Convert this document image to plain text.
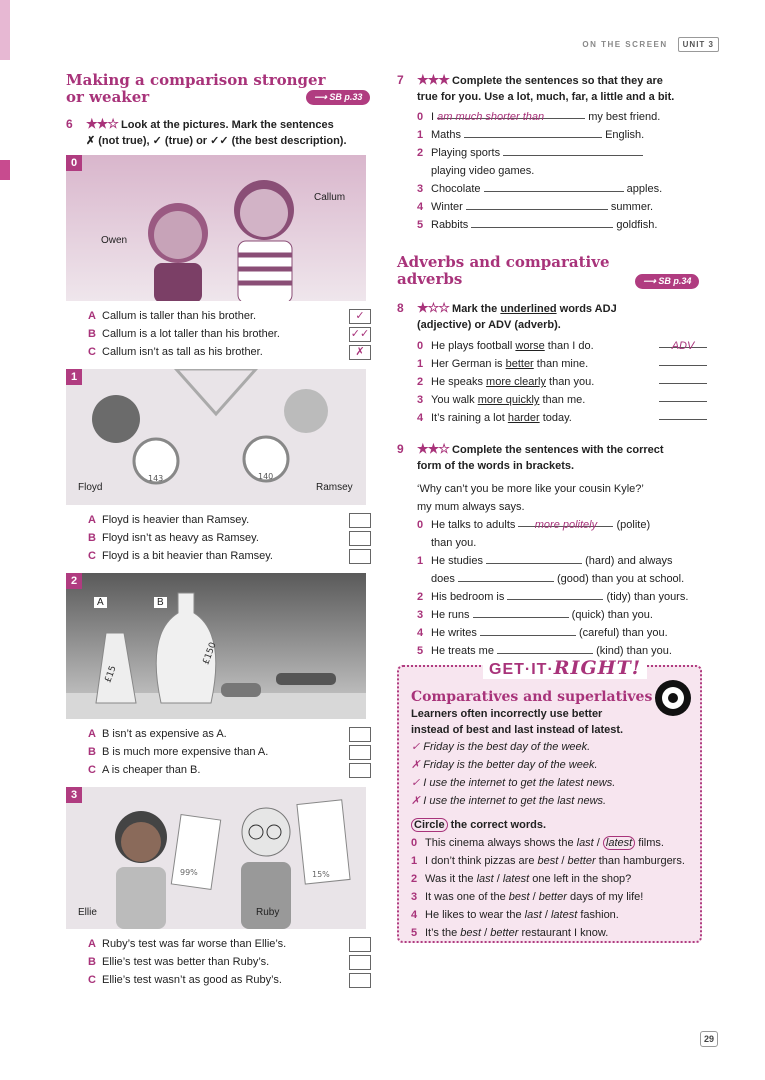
ON THE SCREEN	UNIT 3
Making a comparison stronger
or weaker	⟶ SB p.33
6	★★☆ Look at the pictures. Mark the sentences
✗ (not true), ✓ (true) or ✓✓ (the best description).
0
Callum
Owen
A Callum is taller than his brother.	✓
B Callum is a lot taller than his brother.	✓✓
C Callum isn’t as tall as his brother.	✗
1
143	140
Floyd	Ramsey
A Floyd is heavier than Ramsey.
B Floyd isn’t as heavy as Ramsey.
C Floyd is a bit heavier than Ramsey.
2
£15
£150
A	B
A B isn’t as expensive as A.
B B is much more expensive than A.
C A is cheaper than B.
3
99%	15%
Ellie	Ruby
A Ruby’s test was far worse than Ellie’s.
B Ellie’s test was better than Ruby’s.
C Ellie’s test wasn’t as good as Ruby’s.
7	★★★ Complete the sentences so that they are
true for you. Use a lot, much, far, a little and a bit.
0 I am much shorter than	my best friend.
1 Maths	English.
2 Playing sports
playing video games.
3 Chocolate	apples.
4 Winter	summer.
5 Rabbits	goldfish.
Adverbs and comparative
adverbs	⟶ SB p.34
8	★☆☆ Mark the underlined words ADJ
(adjective) or ADV (adverb).
0 He plays football worse than I do.	ADV
1 Her German is better than mine.
2 He speaks more clearly than you.
3 You walk more quickly than me.
4 It’s raining a lot harder today.
9	★★☆ Complete the sentences with the correct
form of the words in brackets.
‘Why can’t you be more like your cousin Kyle?’
my mum always says.
0 He talks to adults more politely (polite)
than you.
1 He studies	(hard) and always
does	(good) than you at school.
2 His bedroom is	(tidy) than yours.
3 He runs	(quick) than you.
4 He writes	(careful) than you.
5 He treats me	(kind) than you.
GET·IT·RIGHT!
Comparatives and superlatives
Learners often incorrectly use better
instead of best and last instead of latest.
✓ Friday is the best day of the week.
✗ Friday is the better day of the week.
✓ I use the internet to get the latest news.
✗ I use the internet to get the last news.
Circle the correct words.
0 This cinema always shows the last / latest films.
1 I don’t think pizzas are best / better than hamburgers.
2 Was it the last / latest one left in the shop?
3 It was one of the best / better days of my life!
4 He likes to wear the last / latest fashion.
5 It’s the best / better restaurant I know.
29
